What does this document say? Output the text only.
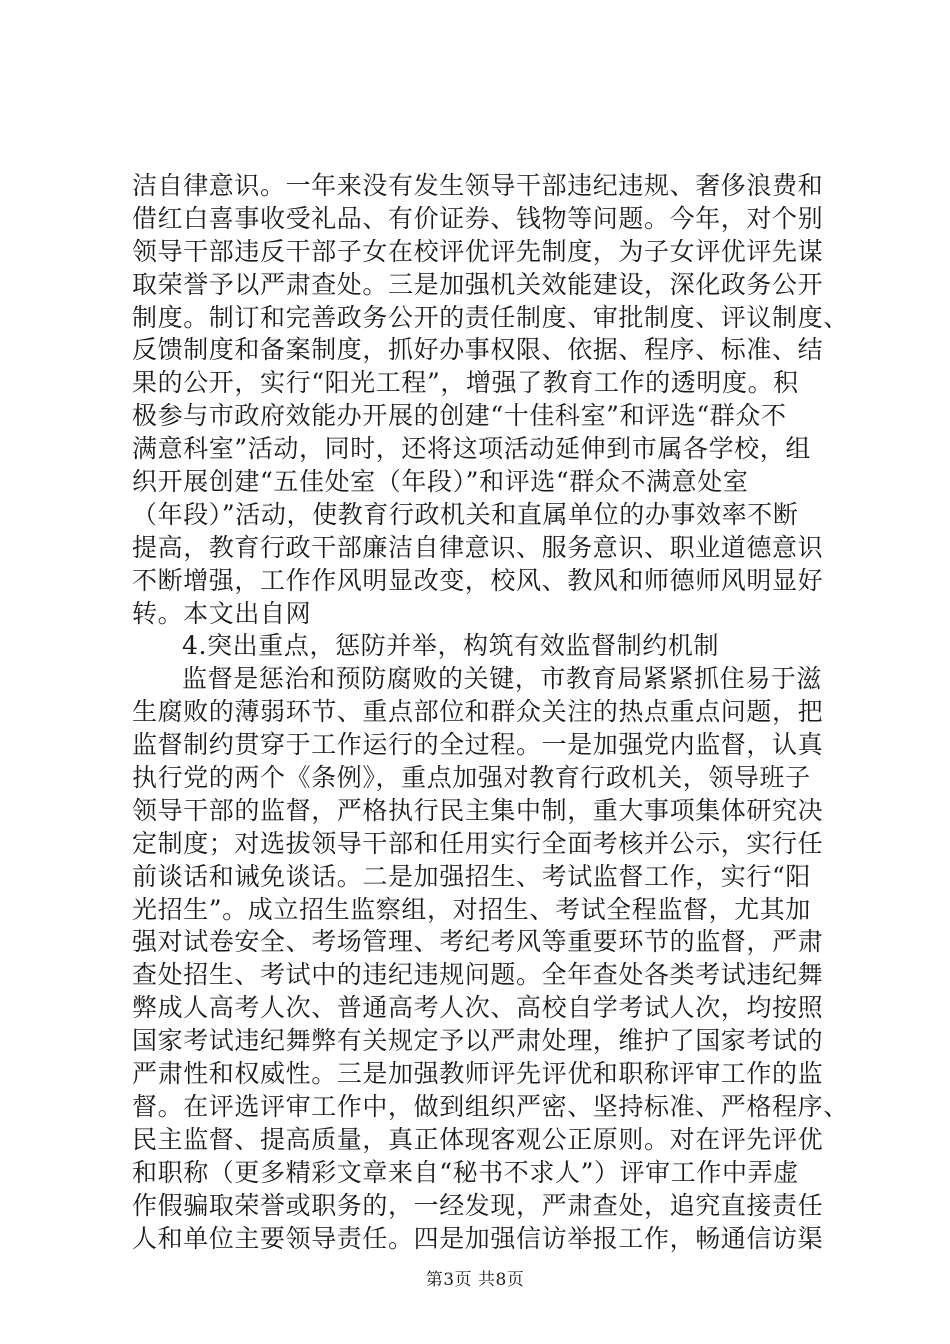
洁自律意识。一年来没有发生领导干部违纪违规、奢侈浪费和
借红白喜事收受礼品、有价证券、钱物等问题。今年，对个别
领导干部违反干部子女在校评优评先制度，为子女评优评先谋
取荣誉予以严肃查处。三是加强机关效能建设，深化政务公开
制度。制订和完善政务公开的责任制度、审批制度、评议制度、
反馈制度和备案制度，抓好办事权限、依据、程序、标准、结
果的公开，实行“阳光工程”，增强了教育工作的透明度。积
极参与市政府效能办开展的创建“十佳科室”和评选“群众不
满意科室”活动，同时，还将这项活动延伸到市属各学校，组
织开展创建“五佳处室（年段）”和评选“群众不满意处室
（年段）”活动，使教育行政机关和直属单位的办事效率不断
提高，教育行政干部廉洁自律意识、服务意识、职业道德意识
不断增强，工作作风明显改变，校风、教风和师德师风明显好
转。本文出自网
4.突出重点，惩防并举，构筑有效监督制约机制
监督是惩治和预防腐败的关键，市教育局紧紧抓住易于滋
生腐败的薄弱环节、重点部位和群众关注的热点重点问题，把
监督制约贯穿于工作运行的全过程。一是加强党内监督，认真
执行党的两个《条例》，重点加强对教育行政机关，领导班子
领导干部的监督，严格执行民主集中制，重大事项集体研究决
定制度；对选拔领导干部和任用实行全面考核并公示，实行任
前谈话和诫免谈话。二是加强招生、考试监督工作，实行“阳
光招生”。成立招生监察组，对招生、考试全程监督，尤其加
强对试卷安全、考场管理、考纪考风等重要环节的监督，严肃
查处招生、考试中的违纪违规问题。全年查处各类考试违纪舞
弊成人高考人次、普通高考人次、高校自学考试人次，均按照
国家考试违纪舞弊有关规定予以严肃处理，维护了国家考试的
严肃性和权威性。三是加强教师评先评优和职称评审工作的监
督。在评选评审工作中，做到组织严密、坚持标准、严格程序、
民主监督、提高质量，真正体现客观公正原则。对在评先评优
和职称（更多精彩文章来自“秘书不求人”）评审工作中弄虚
作假骗取荣誉或职务的，一经发现，严肃查处，追究直接责任
人和单位主要领导责任。四是加强信访举报工作，畅通信访渠
第3页 共8页
